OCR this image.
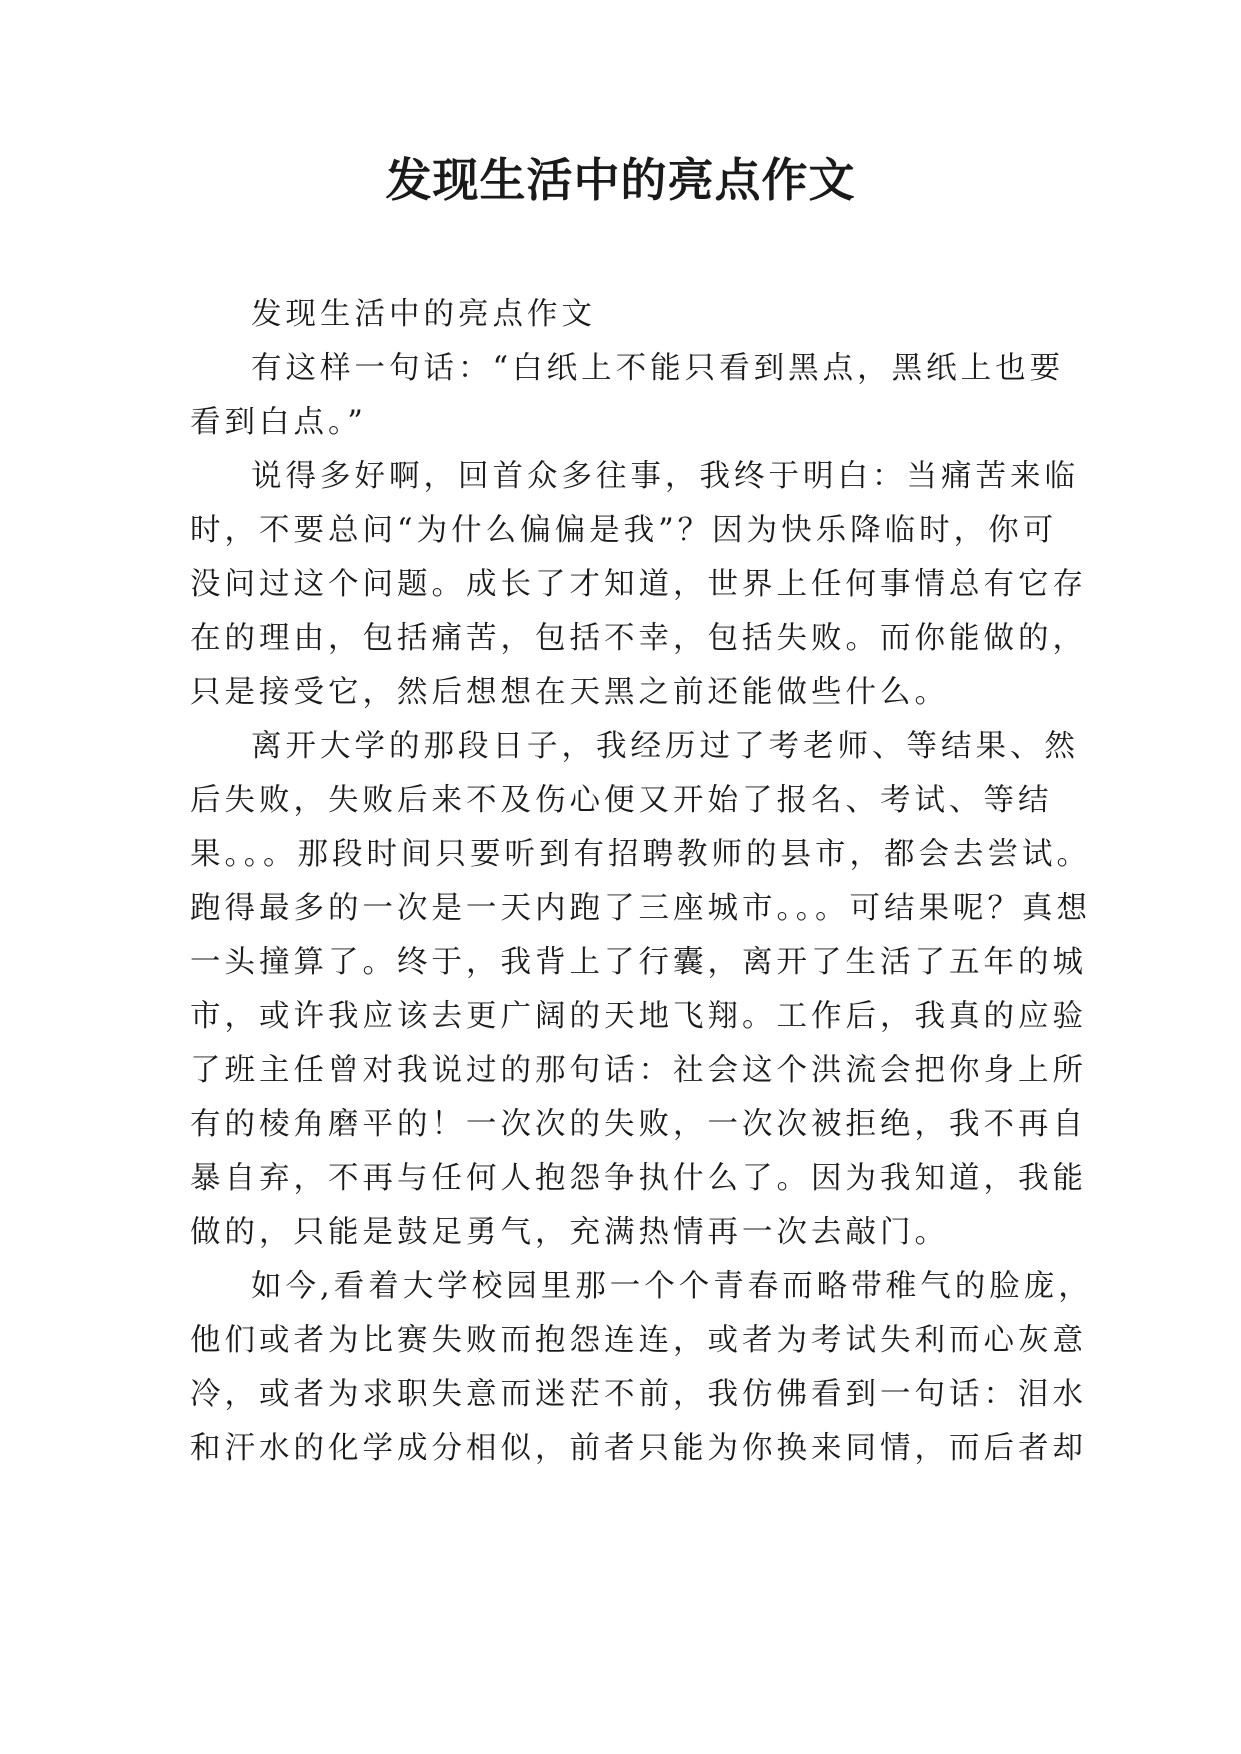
发现生活中的亮点作文

发现生活中的亮点作文

有这样一句话：“白纸上不能只看到黑点，黑纸上也要
看到白点。”

说得多好啊，回首众多往事，我终于明白：当痛苦来临
时，不要总问“为什么偏偏是我”？因为快乐降临时，你可
没问过这个问题。成长了才知道，世界上任何事情总有它存
在的理由，包括痛苦，包括不幸，包括失败。而你能做的，
只是接受它，然后想想在天黑之前还能做些什么。

离开大学的那段日子，我经历过了考老师、等结果、然
后失败，失败后来不及伤心便又开始了报名、考试、等结
果。。。那段时间只要听到有招聘教师的县市，都会去尝试。
跑得最多的一次是一天内跑了三座城市。。。可结果呢？真想
一头撞算了。终于，我背上了行囊，离开了生活了五年的城
市，或许我应该去更广阔的天地飞翔。工作后，我真的应验
了班主任曾对我说过的那句话：社会这个洪流会把你身上所
有的棱角磨平的！一次次的失败，一次次被拒绝，我不再自
暴自弃，不再与任何人抱怨争执什么了。因为我知道，我能
做的，只能是鼓足勇气，充满热情再一次去敲门。

如今,看着大学校园里那一个个青春而略带稚气的脸庞，
他们或者为比赛失败而抱怨连连，或者为考试失利而心灰意
冷，或者为求职失意而迷茫不前，我仿佛看到一句话：泪水
和汗水的化学成分相似，前者只能为你换来同情，而后者却
